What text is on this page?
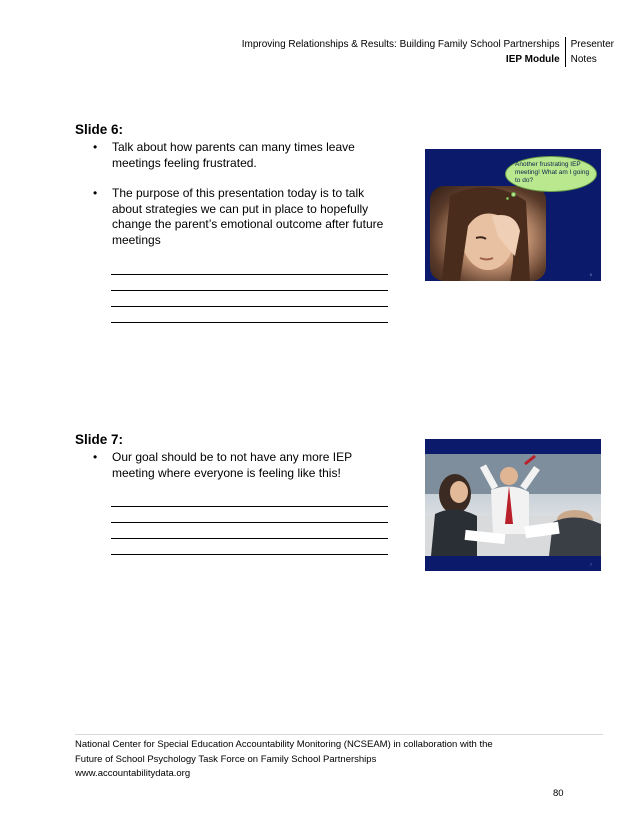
Improving Relationships & Results: Building Family School Partnerships
IEP Module
Presenter
Notes
Slide 6:
• Talk about how parents can many times leave meetings feeling frustrated.
• The purpose of this presentation today is to talk about strategies we can put in place to hopefully change the parent’s emotional outcome after future meetings
Another frustrating IEP meeting! What am I going to do?
6
Slide 7:
• Our goal should be to not have any more IEP meeting where everyone is feeling like this!
7
National Center for Special Education Accountability Monitoring (NCSEAM) in collaboration with the
Future of School Psychology Task Force on Family School Partnerships
www.accountabilitydata.org
80
